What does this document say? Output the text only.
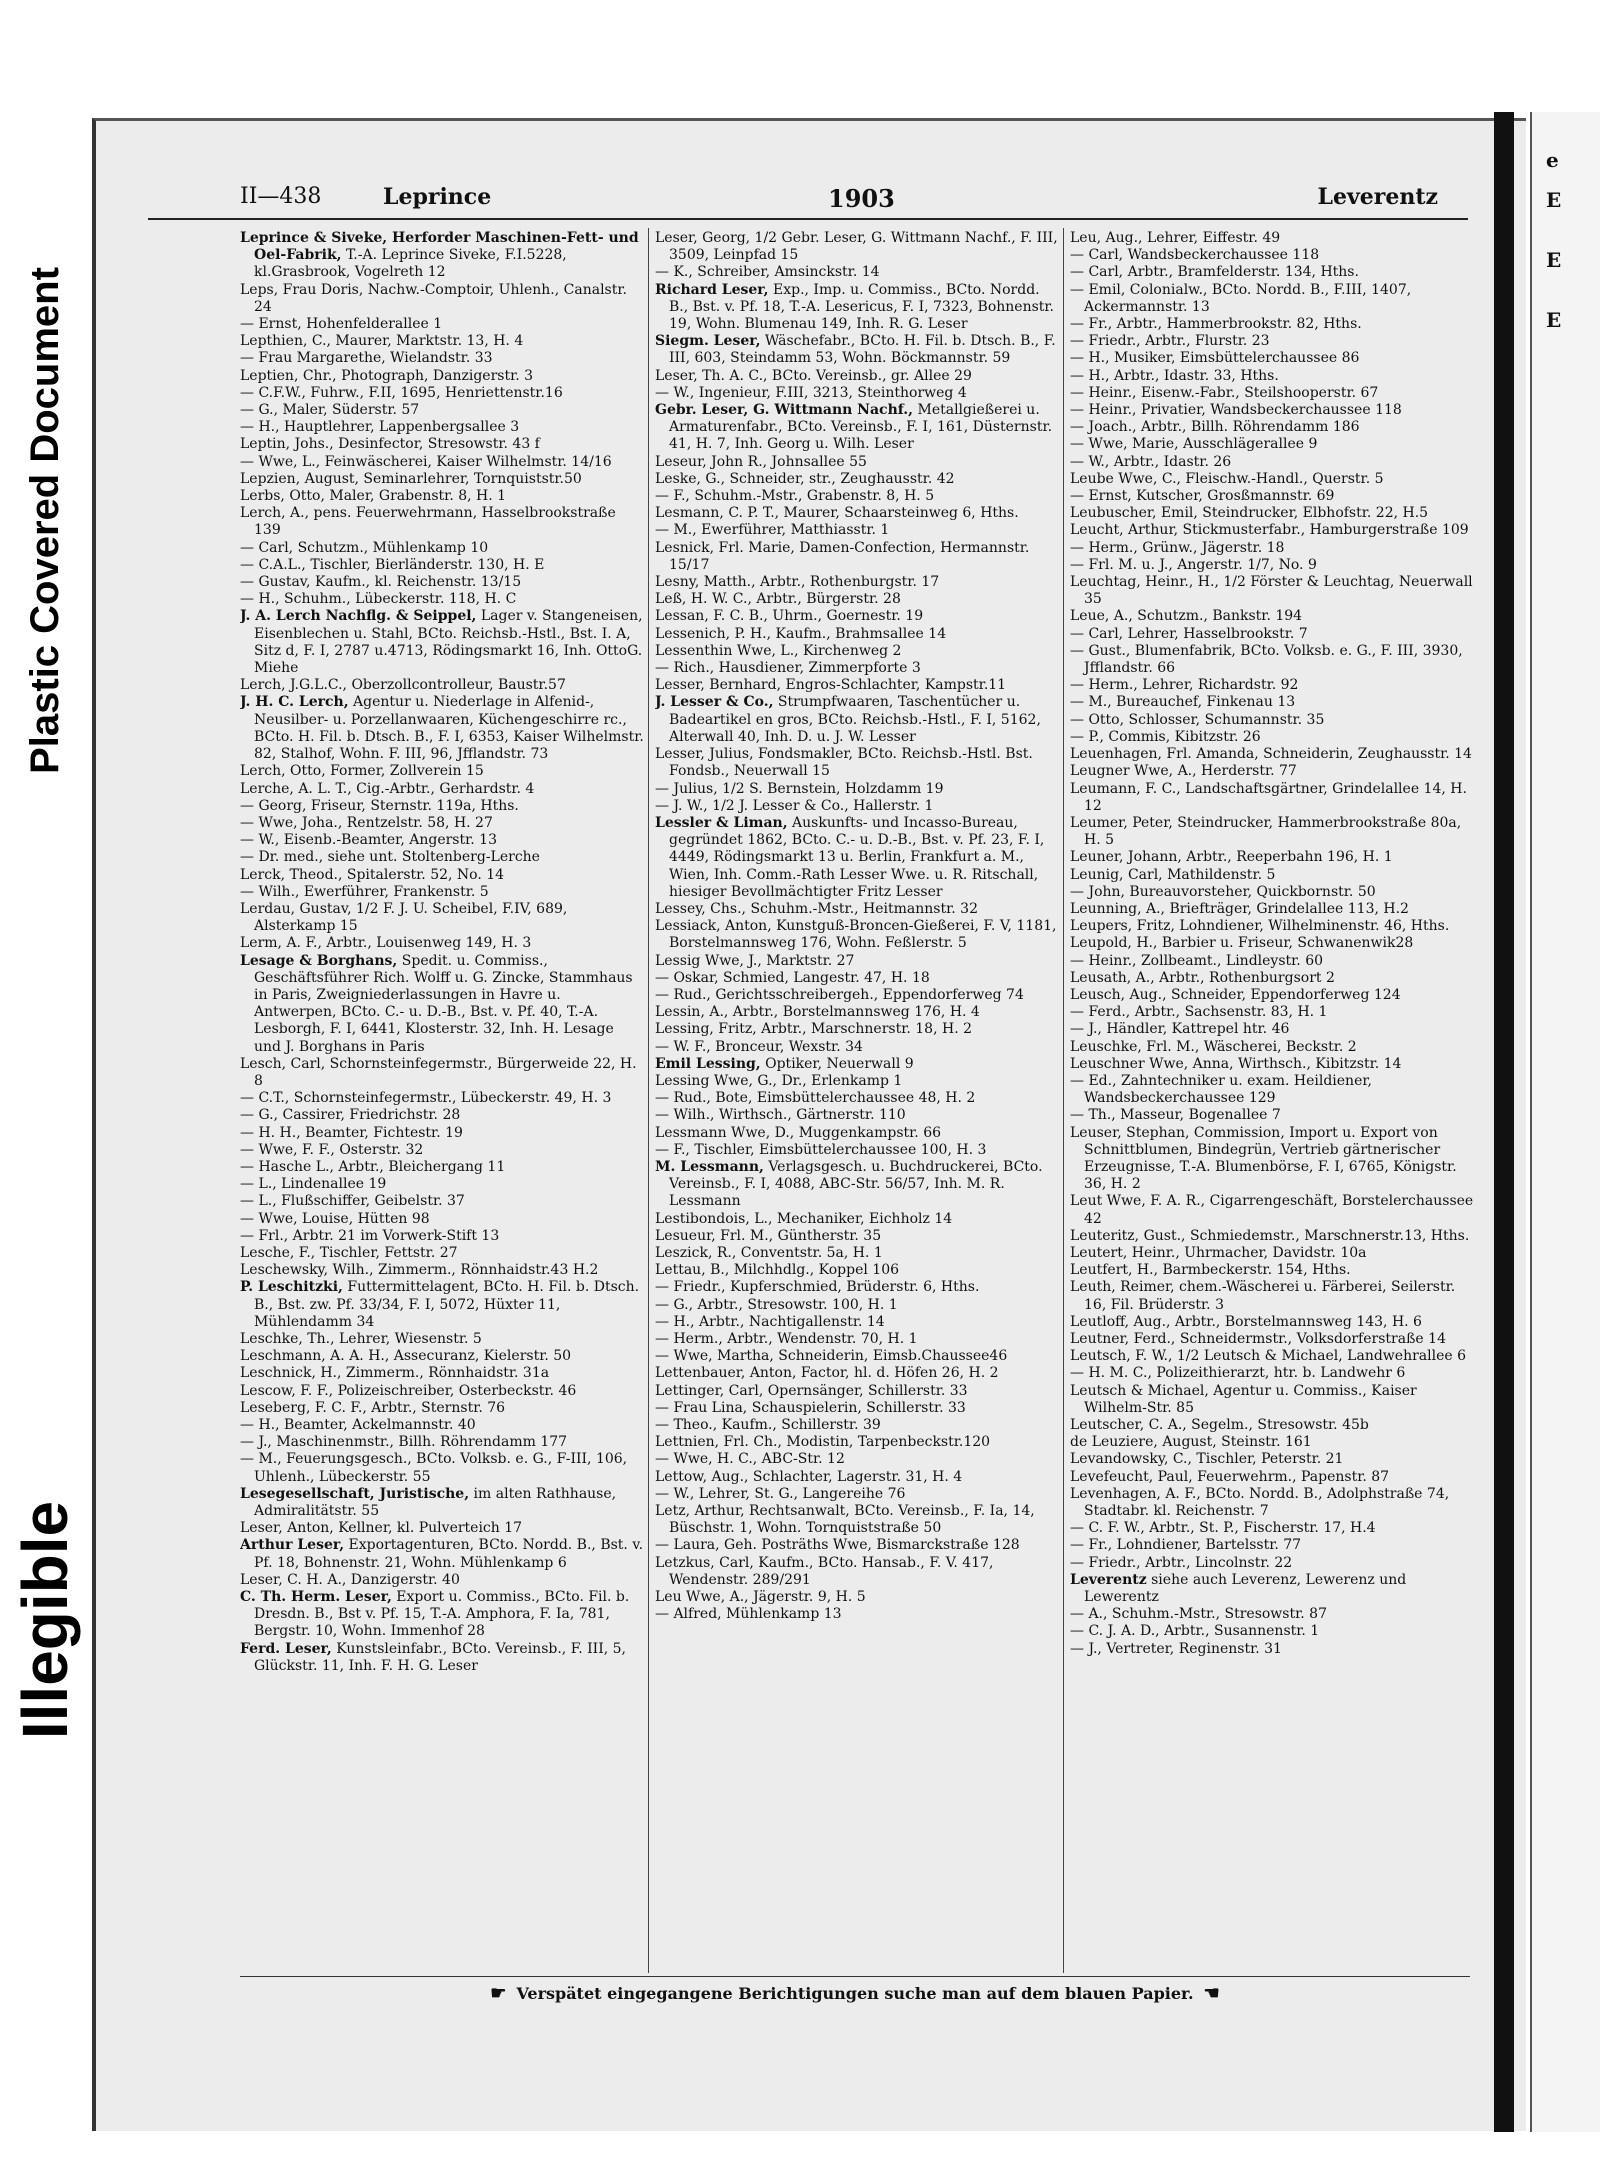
Plastic Covered Document
Illegible
e

E

E

E
II—438	Leprince	1903	Leverentz

Leprince & Siveke, Herforder Maschinen-Fett- und Oel-Fabrik, T.-A. Leprince Siveke, F.I.5228, kl.Grasbrook, Vogelreth 12

Leps, Frau Doris, Nachw.-Comptoir, Uhlenh., Canalstr. 24

— Ernst, Hohenfelderallee 1

Lepthien, C., Maurer, Marktstr. 13, H. 4

— Frau Margarethe, Wielandstr. 33

Leptien, Chr., Photograph, Danzigerstr. 3

— C.F.W., Fuhrw., F.II, 1695, Henriettenstr.16

— G., Maler, Süderstr. 57

— H., Hauptlehrer, Lappenbergsallee 3

Leptin, Johs., Desinfector, Stresowstr. 43 f

— Wwe, L., Feinwäscherei, Kaiser Wilhelmstr. 14/16

Lepzien, August, Seminarlehrer, Tornquiststr.50

Lerbs, Otto, Maler, Grabenstr. 8, H. 1

Lerch, A., pens. Feuerwehrmann, Hasselbrookstraße 139

— Carl, Schutzm., Mühlenkamp 10

— C.A.L., Tischler, Bierländerstr. 130, H. E

— Gustav, Kaufm., kl. Reichenstr. 13/15

— H., Schuhm., Lübeckerstr. 118, H. C

J. A. Lerch Nachflg. & Seippel, Lager v. Stangeneisen, Eisenblechen u. Stahl, BCto. Reichsb.-Hstl., Bst. I. A, Sitz d, F. I, 2787 u.4713, Rödingsmarkt 16, Inh. OttoG. Miehe

Lerch, J.G.L.C., Oberzollcontrolleur, Baustr.57

J. H. C. Lerch, Agentur u. Niederlage in Alfenid-, Neusilber- u. Porzellanwaaren, Küchengeschirre rc., BCto. H. Fil. b. Dtsch. B., F. I, 6353, Kaiser Wilhelmstr. 82, Stalhof, Wohn. F. III, 96, Jfflandstr. 73

Lerch, Otto, Former, Zollverein 15

Lerche, A. L. T., Cig.-Arbtr., Gerhardstr. 4

— Georg, Friseur, Sternstr. 119a, Hths.

— Wwe, Joha., Rentzelstr. 58, H. 27

— W., Eisenb.-Beamter, Angerstr. 13

— Dr. med., siehe unt. Stoltenberg-Lerche

Lerck, Theod., Spitalerstr. 52, No. 14

— Wilh., Ewerführer, Frankenstr. 5

Lerdau, Gustav, 1/2 F. J. U. Scheibel, F.IV, 689, Alsterkamp 15

Lerm, A. F., Arbtr., Louisenweg 149, H. 3

Lesage & Borghans, Spedit. u. Commiss., Geschäftsführer Rich. Wolff u. G. Zincke, Stammhaus in Paris, Zweigniederlassungen in Havre u. Antwerpen, BCto. C.- u. D.-B., Bst. v. Pf. 40, T.-A. Lesborgh, F. I, 6441, Klosterstr. 32, Inh. H. Lesage und J. Borghans in Paris

Lesch, Carl, Schornsteinfegermstr., Bürgerweide 22, H. 8

— C.T., Schornsteinfegermstr., Lübeckerstr. 49, H. 3

— G., Cassirer, Friedrichstr. 28

— H. H., Beamter, Fichtestr. 19

— Wwe, F. F., Osterstr. 32

— Hasche L., Arbtr., Bleichergang 11

— L., Lindenallee 19

— L., Flußschiffer, Geibelstr. 37

— Wwe, Louise, Hütten 98

— Frl., Arbtr. 21 im Vorwerk-Stift 13

Lesche, F., Tischler, Fettstr. 27

Leschewsky, Wilh., Zimmerm., Rönnhaidstr.43 H.2

P. Leschitzki, Futtermittelagent, BCto. H. Fil. b. Dtsch. B., Bst. zw. Pf. 33/34, F. I, 5072, Hüxter 11, Mühlendamm 34

Leschke, Th., Lehrer, Wiesenstr. 5

Leschmann, A. A. H., Assecuranz, Kielerstr. 50

Leschnick, H., Zimmerm., Rönnhaidstr. 31a

Lescow, F. F., Polizeischreiber, Osterbeckstr. 46

Leseberg, F. C. F., Arbtr., Sternstr. 76

— H., Beamter, Ackelmannstr. 40

— J., Maschinenmstr., Billh. Röhrendamm 177

— M., Feuerungsgesch., BCto. Volksb. e. G., F-III, 106, Uhlenh., Lübeckerstr. 55

Lesegesellschaft, Juristische, im alten Rathhause, Admiralitätstr. 55

Leser, Anton, Kellner, kl. Pulverteich 17

Arthur Leser, Exportagenturen, BCto. Nordd. B., Bst. v. Pf. 18, Bohnenstr. 21, Wohn. Mühlenkamp 6

Leser, C. H. A., Danzigerstr. 40

C. Th. Herm. Leser, Export u. Commiss., BCto. Fil. b. Dresdn. B., Bst v. Pf. 15, T.-A. Amphora, F. Ia, 781, Bergstr. 10, Wohn. Immenhof 28

Ferd. Leser, Kunstsleinfabr., BCto. Vereinsb., F. III, 5, Glückstr. 11, Inh. F. H. G. Leser

Leser, Georg, 1/2 Gebr. Leser, G. Wittmann Nachf., F. III, 3509, Leinpfad 15

— K., Schreiber, Amsinckstr. 14

Richard Leser, Exp., Imp. u. Commiss., BCto. Nordd. B., Bst. v. Pf. 18, T.-A. Lesericus, F. I, 7323, Bohnenstr. 19, Wohn. Blumenau 149, Inh. R. G. Leser

Siegm. Leser, Wäschefabr., BCto. H. Fil. b. Dtsch. B., F. III, 603, Steindamm 53, Wohn. Böckmannstr. 59

Leser, Th. A. C., BCto. Vereinsb., gr. Allee 29

— W., Ingenieur, F.III, 3213, Steinthorweg 4

Gebr. Leser, G. Wittmann Nachf., Metallgießerei u. Armaturenfabr., BCto. Vereinsb., F. I, 161, Düsternstr. 41, H. 7, Inh. Georg u. Wilh. Leser

Leseur, John R., Johnsallee 55

Leske, G., Schneider, str., Zeughausstr. 42

— F., Schuhm.-Mstr., Grabenstr. 8, H. 5

Lesmann, C. P. T., Maurer, Schaarsteinweg 6, Hths.

— M., Ewerführer, Matthiasstr. 1

Lesnick, Frl. Marie, Damen-Confection, Hermannstr. 15/17

Lesny, Matth., Arbtr., Rothenburgstr. 17

Leß, H. W. C., Arbtr., Bürgerstr. 28

Lessan, F. C. B., Uhrm., Goernestr. 19

Lessenich, P. H., Kaufm., Brahmsallee 14

Lessenthin Wwe, L., Kirchenweg 2

— Rich., Hausdiener, Zimmerpforte 3

Lesser, Bernhard, Engros-Schlachter, Kampstr.11

J. Lesser & Co., Strumpfwaaren, Taschentücher u. Badeartikel en gros, BCto. Reichsb.-Hstl., F. I, 5162, Alterwall 40, Inh. D. u. J. W. Lesser

Lesser, Julius, Fondsmakler, BCto. Reichsb.-Hstl. Bst. Fondsb., Neuerwall 15

— Julius, 1/2 S. Bernstein, Holzdamm 19

— J. W., 1/2 J. Lesser & Co., Hallerstr. 1

Lessler & Liman, Auskunfts- und Incasso-Bureau, gegründet 1862, BCto. C.- u. D.-B., Bst. v. Pf. 23, F. I, 4449, Rödingsmarkt 13 u. Berlin, Frankfurt a. M., Wien, Inh. Comm.-Rath Lesser Wwe. u. R. Ritschall, hiesiger Bevollmächtigter Fritz Lesser

Lessey, Chs., Schuhm.-Mstr., Heitmannstr. 32

Lessiack, Anton, Kunstguß-Broncen-Gießerei, F. V, 1181, Borstelmannsweg 176, Wohn. Feßlerstr. 5

Lessig Wwe, J., Marktstr. 27

— Oskar, Schmied, Langestr. 47, H. 18

— Rud., Gerichtsschreibergeh., Eppendorferweg 74

Lessin, A., Arbtr., Borstelmannsweg 176, H. 4

Lessing, Fritz, Arbtr., Marschnerstr. 18, H. 2

— W. F., Bronceur, Wexstr. 34

Emil Lessing, Optiker, Neuerwall 9

Lessing Wwe, G., Dr., Erlenkamp 1

— Rud., Bote, Eimsbüttelerchaussee 48, H. 2

— Wilh., Wirthsch., Gärtnerstr. 110

Lessmann Wwe, D., Muggenkampstr. 66

— F., Tischler, Eimsbüttelerchaussee 100, H. 3

M. Lessmann, Verlagsgesch. u. Buchdruckerei, BCto. Vereinsb., F. I, 4088, ABC-Str. 56/57, Inh. M. R. Lessmann

Lestibondois, L., Mechaniker, Eichholz 14

Lesueur, Frl. M., Güntherstr. 35

Leszick, R., Conventstr. 5a, H. 1

Lettau, B., Milchhdlg., Koppel 106

— Friedr., Kupferschmied, Brüderstr. 6, Hths.

— G., Arbtr., Stresowstr. 100, H. 1

— H., Arbtr., Nachtigallenstr. 14

— Herm., Arbtr., Wendenstr. 70, H. 1

— Wwe, Martha, Schneiderin, Eimsb.Chaussee46

Lettenbauer, Anton, Factor, hl. d. Höfen 26, H. 2

Lettinger, Carl, Opernsänger, Schillerstr. 33

— Frau Lina, Schauspielerin, Schillerstr. 33

— Theo., Kaufm., Schillerstr. 39

Lettnien, Frl. Ch., Modistin, Tarpenbeckstr.120

— Wwe, H. C., ABC-Str. 12

Lettow, Aug., Schlachter, Lagerstr. 31, H. 4

— W., Lehrer, St. G., Langereihe 76

Letz, Arthur, Rechtsanwalt, BCto. Vereinsb., F. Ia, 14, Büschstr. 1, Wohn. Tornquiststraße 50

— Laura, Geh. Posträths Wwe, Bismarckstraße 128

Letzkus, Carl, Kaufm., BCto. Hansab., F. V. 417, Wendenstr. 289/291

Leu Wwe, A., Jägerstr. 9, H. 5

— Alfred, Mühlenkamp 13

Leu, Aug., Lehrer, Eiffestr. 49

— Carl, Wandsbeckerchaussee 118

— Carl, Arbtr., Bramfelderstr. 134, Hths.

— Emil, Colonialw., BCto. Nordd. B., F.III, 1407, Ackermannstr. 13

— Fr., Arbtr., Hammerbrookstr. 82, Hths.

— Friedr., Arbtr., Flurstr. 23

— H., Musiker, Eimsbüttelerchaussee 86

— H., Arbtr., Idastr. 33, Hths.

— Heinr., Eisenw.-Fabr., Steilshooperstr. 67

— Heinr., Privatier, Wandsbeckerchaussee 118

— Joach., Arbtr., Billh. Röhrendamm 186

— Wwe, Marie, Ausschlägerallee 9

— W., Arbtr., Idastr. 26

Leube Wwe, C., Fleischw.-Handl., Querstr. 5

— Ernst, Kutscher, Grosßmannstr. 69

Leubuscher, Emil, Steindrucker, Elbhofstr. 22, H.5

Leucht, Arthur, Stickmusterfabr., Hamburgerstraße 109

— Herm., Grünw., Jägerstr. 18

— Frl. M. u. J., Angerstr. 1/7, No. 9

Leuchtag, Heinr., H., 1/2 Förster & Leuchtag, Neuerwall 35

Leue, A., Schutzm., Bankstr. 194

— Carl, Lehrer, Hasselbrookstr. 7

— Gust., Blumenfabrik, BCto. Volksb. e. G., F. III, 3930, Jfflandstr. 66

— Herm., Lehrer, Richardstr. 92

— M., Bureauchef, Finkenau 13

— Otto, Schlosser, Schumannstr. 35

— P., Commis, Kibitzstr. 26

Leuenhagen, Frl. Amanda, Schneiderin, Zeughausstr. 14

Leugner Wwe, A., Herderstr. 77

Leumann, F. C., Landschaftsgärtner, Grindelallee 14, H. 12

Leumer, Peter, Steindrucker, Hammerbrookstraße 80a, H. 5

Leuner, Johann, Arbtr., Reeperbahn 196, H. 1

Leunig, Carl, Mathildenstr. 5

— John, Bureauvorsteher, Quickbornstr. 50

Leunning, A., Briefträger, Grindelallee 113, H.2

Leupers, Fritz, Lohndiener, Wilhelminenstr. 46, Hths.

Leupold, H., Barbier u. Friseur, Schwanenwik28

— Heinr., Zollbeamt., Lindleystr. 60

Leusath, A., Arbtr., Rothenburgsort 2

Leusch, Aug., Schneider, Eppendorferweg 124

— Ferd., Arbtr., Sachsenstr. 83, H. 1

— J., Händler, Kattrepel htr. 46

Leuschke, Frl. M., Wäscherei, Beckstr. 2

Leuschner Wwe, Anna, Wirthsch., Kibitzstr. 14

— Ed., Zahntechniker u. exam. Heildiener, Wandsbeckerchaussee 129

— Th., Masseur, Bogenallee 7

Leuser, Stephan, Commission, Import u. Export von Schnittblumen, Bindegrün, Vertrieb gärtnerischer Erzeugnisse, T.-A. Blumenbörse, F. I, 6765, Königstr. 36, H. 2

Leut Wwe, F. A. R., Cigarrengeschäft, Borstelerchaussee 42

Leuteritz, Gust., Schmiedemstr., Marschnerstr.13, Hths.

Leutert, Heinr., Uhrmacher, Davidstr. 10a

Leutfert, H., Barmbeckerstr. 154, Hths.

Leuth, Reimer, chem.-Wäscherei u. Färberei, Seilerstr. 16, Fil. Brüderstr. 3

Leutloff, Aug., Arbtr., Borstelmannsweg 143, H. 6

Leutner, Ferd., Schneidermstr., Volksdorferstraße 14

Leutsch, F. W., 1/2 Leutsch & Michael, Landwehrallee 6

— H. M. C., Polizeithierarzt, htr. b. Landwehr 6

Leutsch & Michael, Agentur u. Commiss., Kaiser Wilhelm-Str. 85

Leutscher, C. A., Segelm., Stresowstr. 45b

de Leuziere, August, Steinstr. 161

Levandowsky, C., Tischler, Peterstr. 21

Levefeucht, Paul, Feuerwehrm., Papenstr. 87

Levenhagen, A. F., BCto. Nordd. B., Adolphstraße 74, Stadtabr. kl. Reichenstr. 7

— C. F. W., Arbtr., St. P., Fischerstr. 17, H.4

— Fr., Lohndiener, Bartelsstr. 77

— Friedr., Arbtr., Lincolnstr. 22

Leverentz siehe auch Leverenz, Lewerenz und Lewerentz

— A., Schuhm.-Mstr., Stresowstr. 87

— C. J. A. D., Arbtr., Susannenstr. 1

— J., Vertreter, Reginenstr. 31

☛ Verspätet eingegangene Berichtigungen suche man auf dem blauen Papier. ☚
